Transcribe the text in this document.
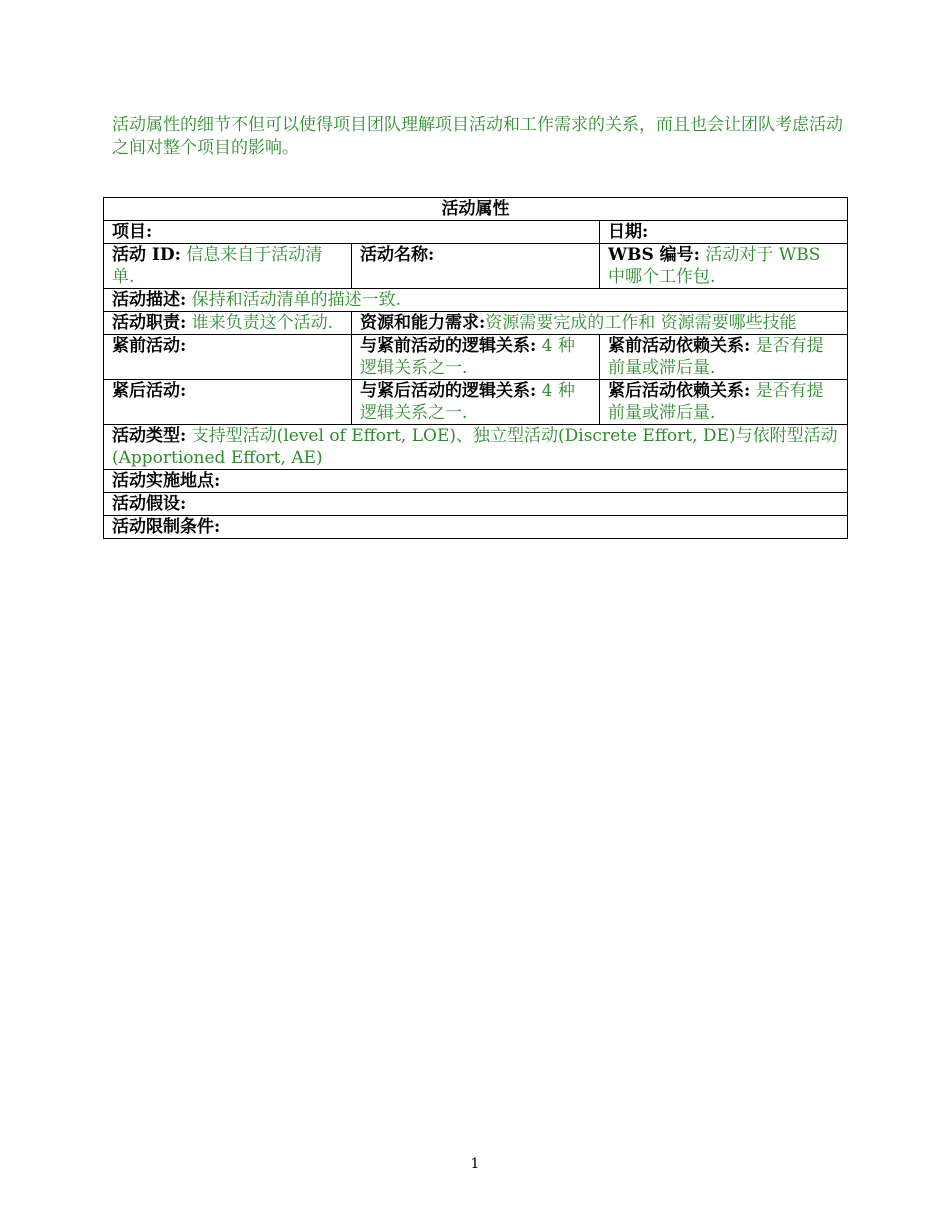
活动属性的细节不但可以使得项目团队理解项目活动和工作需求的关系，而且也会让团队考虑活动之间对整个项目的影响。
活动属性		
项目:		日期:
活动 ID: 信息来自于活动清单.	活动名称:	WBS 编号: 活动对于 WBS 中哪个工作包.
活动描述: 保持和活动清单的描述一致.		
活动职责: 谁来负责这个活动.	资源和能力需求:资源需要完成的工作和 资源需要哪些技能	
紧前活动:	与紧前活动的逻辑关系: 4 种逻辑关系之一.	紧前活动依赖关系: 是否有提前量或滞后量.
紧后活动:	与紧后活动的逻辑关系: 4 种逻辑关系之一.	紧后活动依赖关系: 是否有提前量或滞后量.
活动类型: 支持型活动(level of Effort, LOE)、独立型活动(Discrete Effort, DE)与依附型活动(Apportioned Effort, AE)		
活动实施地点:		
活动假设:		
活动限制条件:		
1
